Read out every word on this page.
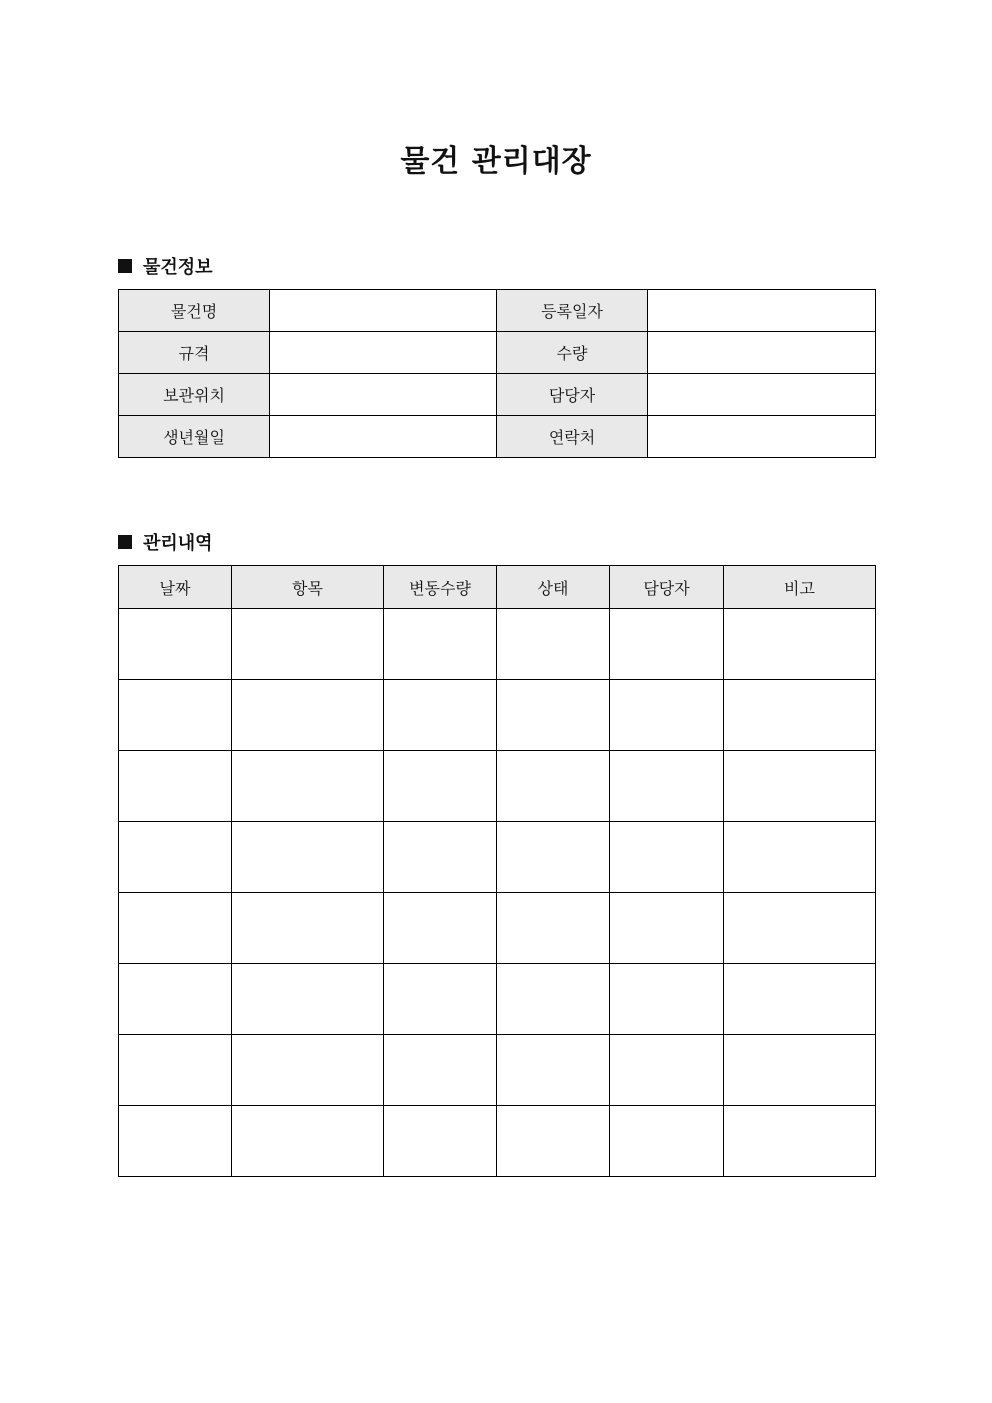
물건 관리대장
물건정보
물건명		등록일자	
규격		수량	
보관위치		담당자	
생년월일		연락처	
관리내역
날짜	항목	변동수량	상태	담당자	비고
